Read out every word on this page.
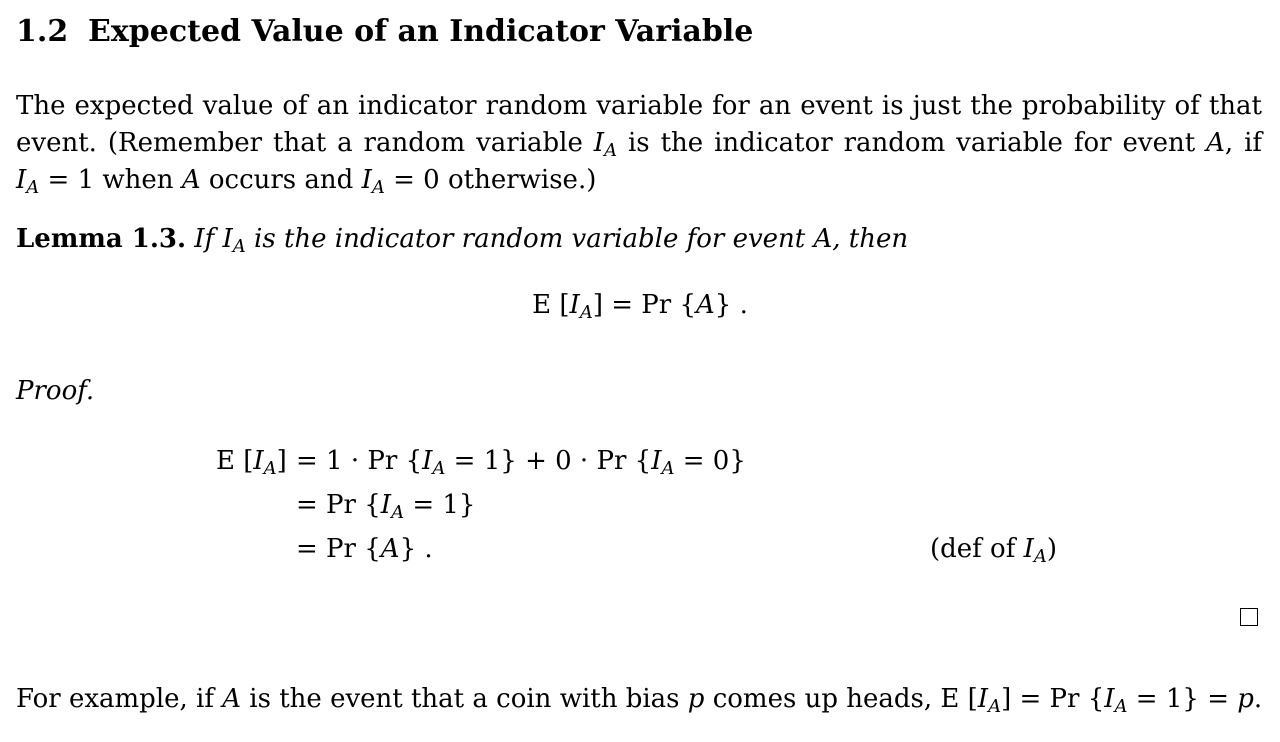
1.2 Expected Value of an Indicator Variable
The expected value of an indicator random variable for an event is just the probability of that
event. (Remember that a random variable $I_A$ is the indicator random variable for event A, if
$I_A = 1$ when A occurs and $I_A = 0$ otherwise.)
Lemma 1.3. If $I_A$ is the indicator random variable for event A, then
E $[I_A] = Pr$ {A} .
Proof.
E $[I_A] = 1 \cdot Pr$ $\{I_A = 1\} + 0 \cdot Pr$ $\{I_A = 0\}$
= Pr $\{I_A = 1\}$
= Pr {A} .	(def of $I_A$)
For example, if A is the event that a coin with bias p comes up heads, E $[I_A] = Pr$ $\{I_A = 1\} = p$.
